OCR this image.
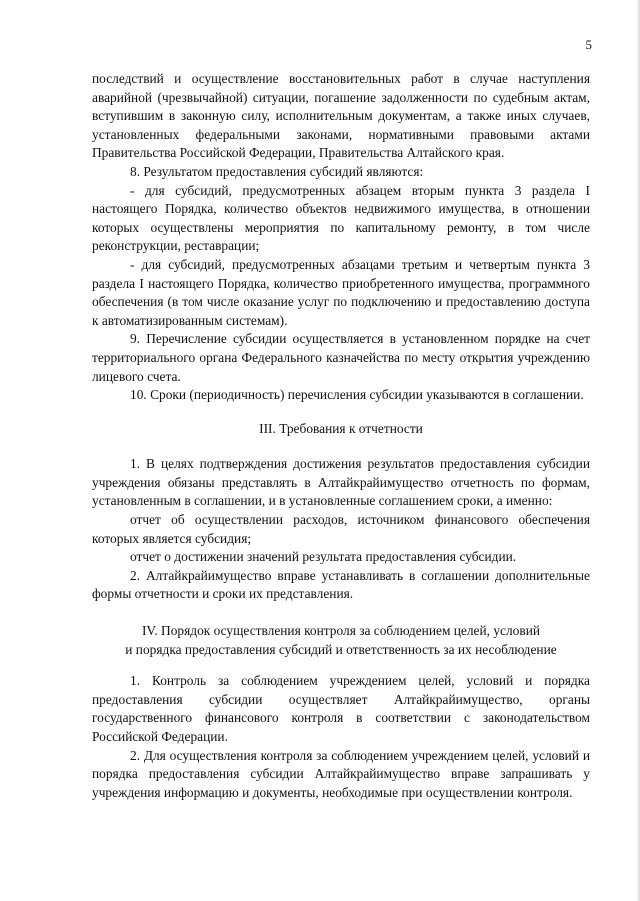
5

последствий и осуществление восстановительных работ в случае наступления аварийной (чрезвычайной) ситуации, погашение задолженности по судебным актам, вступившим в законную силу, исполнительным документам, а также иных случаев, установленных федеральными законами, нормативными правовыми актами Правительства Российской Федерации, Правительства Алтайского края.

8. Результатом предоставления субсидий являются:

- для субсидий, предусмотренных абзацем вторым пункта 3 раздела I настоящего Порядка, количество объектов недвижимого имущества, в отношении которых осуществлены мероприятия по капитальному ремонту, в том числе реконструкции, реставрации;

- для субсидий, предусмотренных абзацами третьим и четвертым пункта 3 раздела I настоящего Порядка, количество приобретенного имущества, программного обеспечения (в том числе оказание услуг по подключению и предоставлению доступа к автоматизированным системам).

9. Перечисление субсидии осуществляется в установленном порядке на счет территориального органа Федерального казначейства по месту открытия учреждению лицевого счета.

10. Сроки (периодичность) перечисления субсидии указываются в соглашении.

III. Требования к отчетности

1. В целях подтверждения достижения результатов предоставления субсидии учреждения обязаны представлять в Алтайкрайимущество отчетность по формам, установленным в соглашении, и в установленные соглашением сроки, а именно:

отчет об осуществлении расходов, источником финансового обеспечения которых является субсидия;

отчет о достижении значений результата предоставления субсидии.

2. Алтайкрайимущество вправе устанавливать в соглашении дополнительные формы отчетности и сроки их представления.

IV. Порядок осуществления контроля за соблюдением целей, условий

и порядка предоставления субсидий и ответственность за их несоблюдение

1. Контроль за соблюдением учреждением целей, условий и порядка предоставления субсидии осуществляет Алтайкрайимущество, органы государственного финансового контроля в соответствии с законодательством Российской Федерации.

2. Для осуществления контроля за соблюдением учреждением целей, условий и порядка предоставления субсидии Алтайкрайимущество вправе запрашивать у учреждения информацию и документы, необходимые при осуществлении контроля.
